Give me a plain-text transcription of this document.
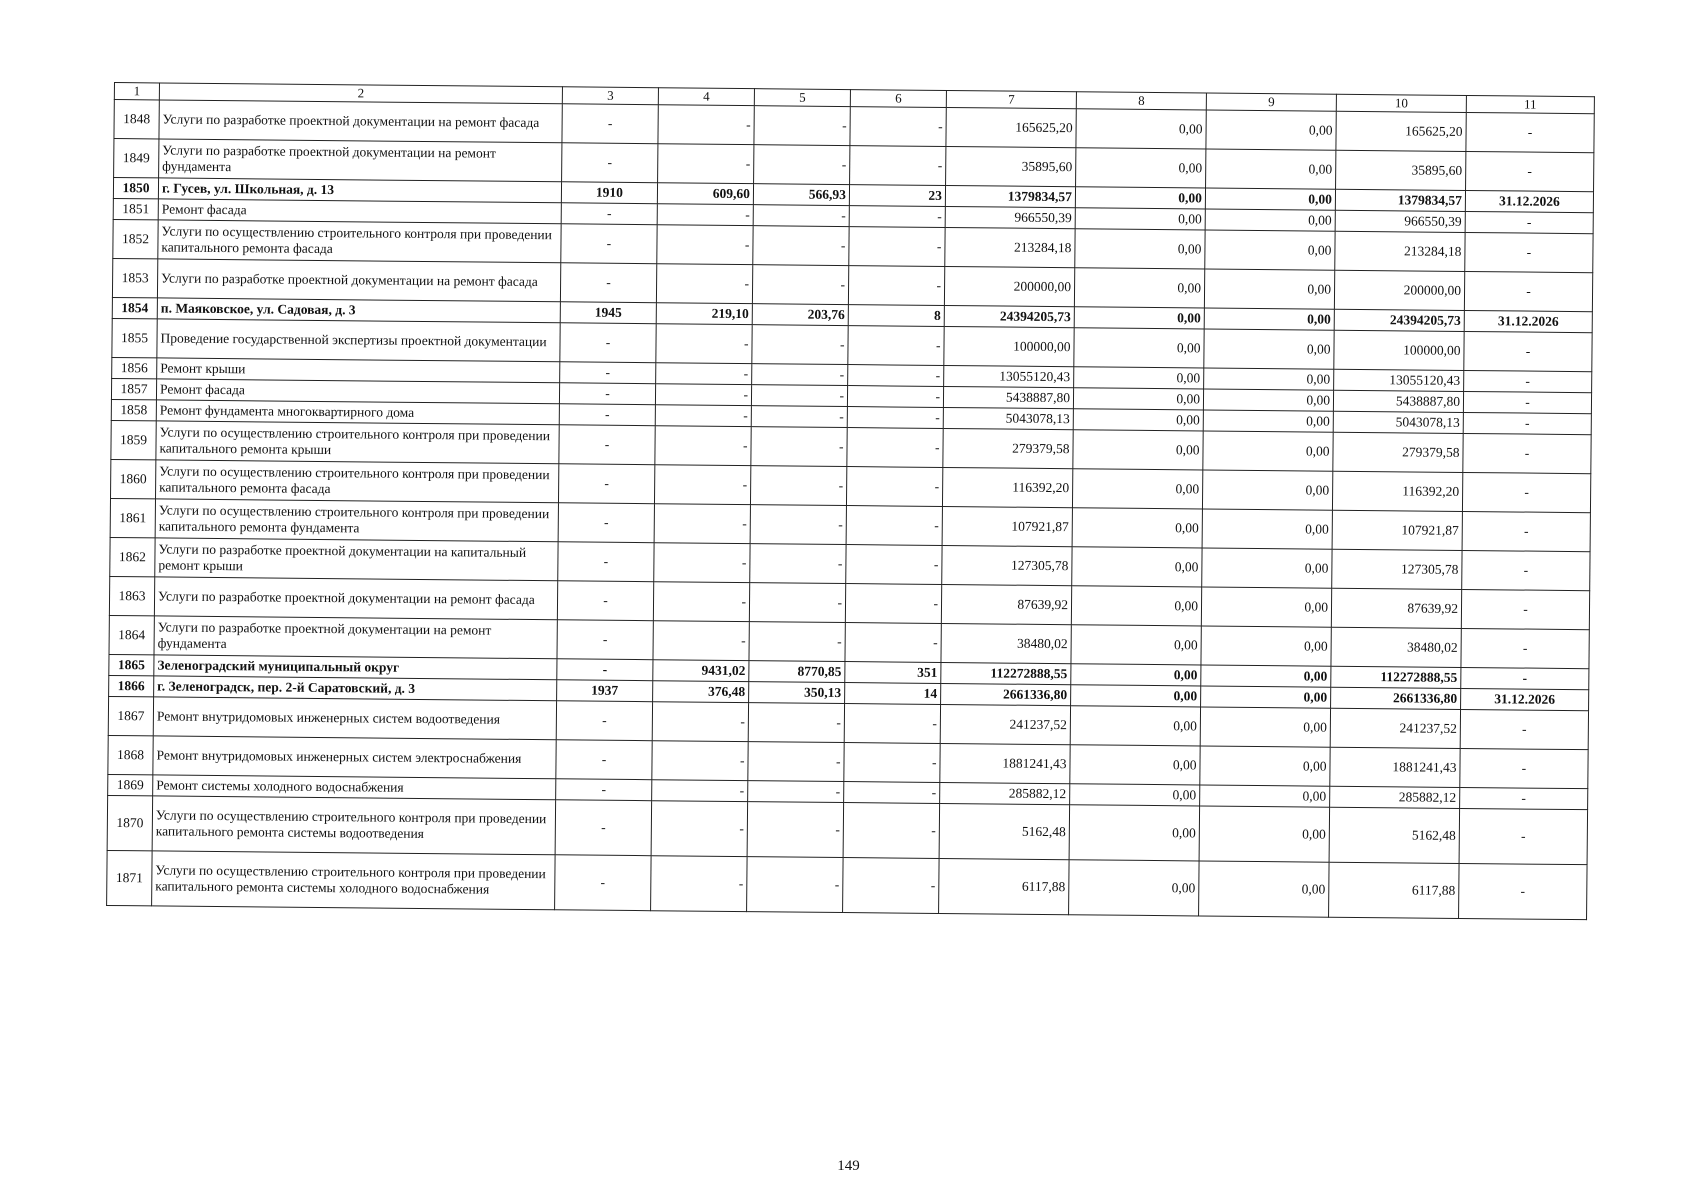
1	2	3	4	5	6	7	8	9	10	11
1848	Услуги по разработке проектной документации на ремонт фасада	-	-	-	-	165625,20	0,00	0,00	165625,20	-
1849	Услуги по разработке проектной документации на ремонт фундамента	-	-	-	-	35895,60	0,00	0,00	35895,60	-
1850	г. Гусев, ул. Школьная, д. 13	1910	609,60	566,93	23	1379834,57	0,00	0,00	1379834,57	31.12.2026
1851	Ремонт фасада	-	-	-	-	966550,39	0,00	0,00	966550,39	-
1852	Услуги по осуществлению строительного контроля при проведении капитального ремонта фасада	-	-	-	-	213284,18	0,00	0,00	213284,18	-
1853	Услуги по разработке проектной документации на ремонт фасада	-	-	-	-	200000,00	0,00	0,00	200000,00	-
1854	п. Маяковское, ул. Садовая, д. 3	1945	219,10	203,76	8	24394205,73	0,00	0,00	24394205,73	31.12.2026
1855	Проведение государственной экспертизы проектной документации	-	-	-	-	100000,00	0,00	0,00	100000,00	-
1856	Ремонт крыши	-	-	-	-	13055120,43	0,00	0,00	13055120,43	-
1857	Ремонт фасада	-	-	-	-	5438887,80	0,00	0,00	5438887,80	-
1858	Ремонт фундамента многоквартирного дома	-	-	-	-	5043078,13	0,00	0,00	5043078,13	-
1859	Услуги по осуществлению строительного контроля при проведении капитального ремонта крыши	-	-	-	-	279379,58	0,00	0,00	279379,58	-
1860	Услуги по осуществлению строительного контроля при проведении капитального ремонта фасада	-	-	-	-	116392,20	0,00	0,00	116392,20	-
1861	Услуги по осуществлению строительного контроля при проведении капитального ремонта фундамента	-	-	-	-	107921,87	0,00	0,00	107921,87	-
1862	Услуги по разработке проектной документации на капитальный ремонт крыши	-	-	-	-	127305,78	0,00	0,00	127305,78	-
1863	Услуги по разработке проектной документации на ремонт фасада	-	-	-	-	87639,92	0,00	0,00	87639,92	-
1864	Услуги по разработке проектной документации на ремонт фундамента	-	-	-	-	38480,02	0,00	0,00	38480,02	-
1865	Зеленоградский муниципальный округ	-	9431,02	8770,85	351	112272888,55	0,00	0,00	112272888,55	-
1866	г. Зеленоградск, пер. 2-й Саратовский, д. 3	1937	376,48	350,13	14	2661336,80	0,00	0,00	2661336,80	31.12.2026
1867	Ремонт внутридомовых инженерных систем водоотведения	-	-	-	-	241237,52	0,00	0,00	241237,52	-
1868	Ремонт внутридомовых инженерных систем электроснабжения	-	-	-	-	1881241,43	0,00	0,00	1881241,43	-
1869	Ремонт системы холодного водоснабжения	-	-	-	-	285882,12	0,00	0,00	285882,12	-
1870	Услуги по осуществлению строительного контроля при проведении капитального ремонта системы водоотведения	-	-	-	-	5162,48	0,00	0,00	5162,48	-
1871	Услуги по осуществлению строительного контроля при проведении капитального ремонта системы холодного водоснабжения	-	-	-	-	6117,88	0,00	0,00	6117,88	-
149
